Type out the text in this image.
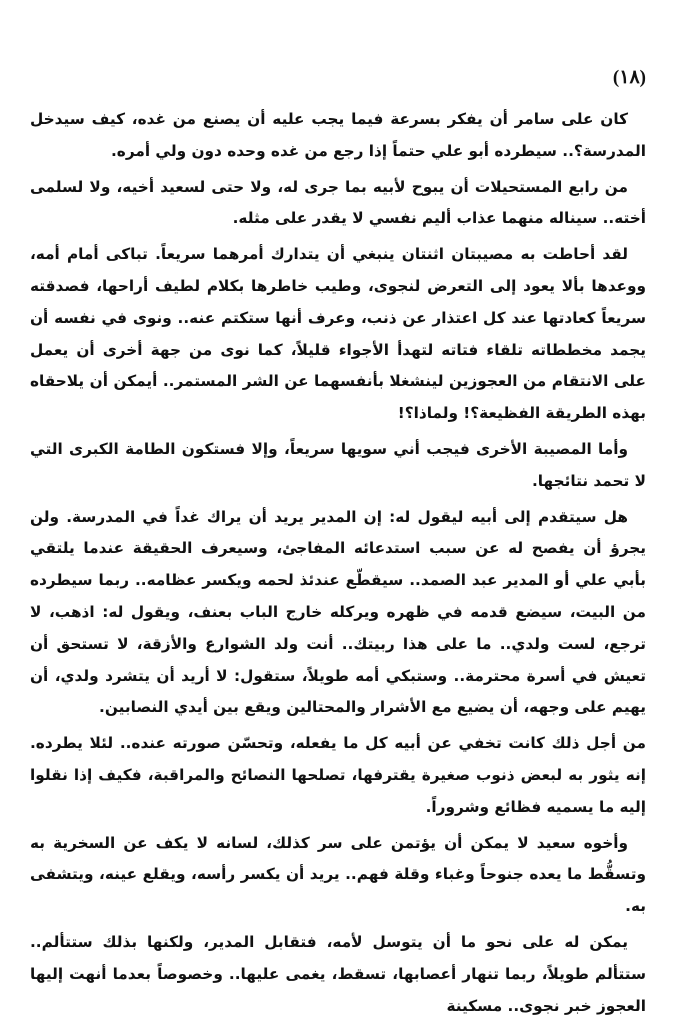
(١٨)

كان على سامر أن يفكر بسرعة فيما يجب عليه أن يصنع من غده، كيف سيدخل المدرسة؟.. سيطرده أبو علي حتماً إذا رجع من غده وحده دون ولي أمره.

من رابع المستحيلات أن يبوح لأبيه بما جرى له، ولا حتى لسعيد أخيه، ولا لسلمى أخته.. سيناله منهما عذاب أليم نفسي لا يقدر على مثله.

لقد أحاطت به مصيبتان اثنتان ينبغي أن يتدارك أمرهما سريعاً. تباكى أمام أمه، ووعدها بألا يعود إلى التعرض لنجوى، وطيب خاطرها بكلام لطيف أراحها، فصدقته سريعاً كعادتها عند كل اعتذار عن ذنب، وعرف أنها ستكتم عنه.. ونوى في نفسه أن يجمد مخططاته تلقاء فتاته لتهدأ الأجواء قليلاً، كما نوى من جهة أخرى أن يعمل على الانتقام من العجوزين لينشغلا بأنفسهما عن الشر المستمر.. أيمكن أن يلاحقاه بهذه الطريقة الفظيعة؟! ولماذا؟!

وأما المصيبة الأخرى فيجب أني سويها سريعاً، وإلا فستكون الطامة الكبرى التي لا تحمد نتائجها.

هل سيتقدم إلى أبيه ليقول له: إن المدير يريد أن يراك غداً في المدرسة. ولن يجرؤ أن يفصح له عن سبب استدعائه المفاجئ، وسيعرف الحقيقة عندما يلتقي بأبي علي أو المدير عبد الصمد.. سيقطّع عندئذ لحمه ويكسر عظامه.. ربما سيطرده من البيت، سيضع قدمه في ظهره ويركله خارج الباب بعنف، ويقول له: اذهب، لا ترجع، لست ولدي.. ما على هذا ربيتك.. أنت ولد الشوارع والأزقة، لا تستحق أن تعيش في أسرة محترمة.. وستبكي أمه طويلاً، ستقول: لا أريد أن يتشرد ولدي، أن يهيم على وجهه، أن يضيع مع الأشرار والمحتالين ويقع بين أيدي النصابين.

من أجل ذلك كانت تخفي عن أبيه كل ما يفعله، وتحسّن صورته عنده.. لئلا يطرده. إنه يثور به لبعض ذنوب صغيرة يقترفها، تصلحها النصائح والمراقبة، فكيف إذا نقلوا إليه ما يسميه فظائع وشروراً.

وأخوه سعيد لا يمكن أن يؤتمن على سر كذلك، لسانه لا يكف عن السخرية به وتسقُّط ما يعده جنوحاً وغباء وقلة فهم.. يريد أن يكسر رأسه، ويقلع عينه، ويتشفى به.

يمكن له على نحو ما أن يتوسل لأمه، فتقابل المدير، ولكنها بذلك ستتألم.. ستتألم طويلاً، ربما تنهار أعصابها، تسقط، يغمى عليها.. وخصوصاً بعدما أنهت إليها العجوز خبر نجوى.. مسكينة
